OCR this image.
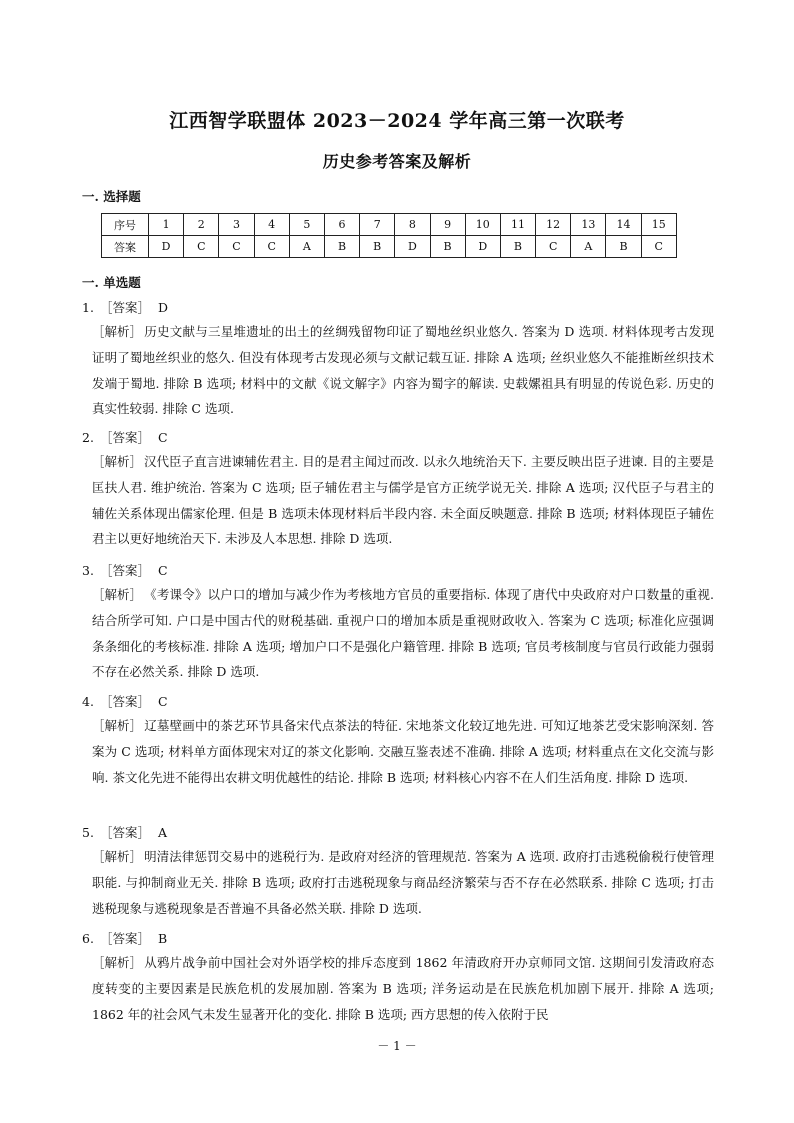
江西智学联盟体 2023－2024 学年高三第一次联考
历史参考答案及解析
一. 选择题
序号	1	2	3	4	5	6	7	8	9	10	11	12	13	14	15
答案	D	C	C	C	A	B	B	D	B	D	B	C	A	B	C
一. 单选题
1. ［答案］ D
［解析］ 历史文献与三星堆遗址的出土的丝绸残留物印证了蜀地丝织业悠久. 答案为 D 选项. 材料体现考古发现证明了蜀地丝织业的悠久. 但没有体现考古发现必须与文献记载互证. 排除 A 选项; 丝织业悠久不能推断丝织技术发端于蜀地. 排除 B 选项; 材料中的文献《说文解字》内容为蜀字的解读. 史载嫘祖具有明显的传说色彩. 历史的真实性较弱. 排除 C 选项.
2. ［答案］ C
［解析］ 汉代臣子直言进谏辅佐君主. 目的是君主闻过而改. 以永久地统治天下. 主要反映出臣子进谏. 目的主要是匡扶人君. 维护统治. 答案为 C 选项; 臣子辅佐君主与儒学是官方正统学说无关. 排除 A 选项; 汉代臣子与君主的辅佐关系体现出儒家伦理. 但是 B 选项未体现材料后半段内容. 未全面反映题意. 排除 B 选项; 材料体现臣子辅佐君主以更好地统治天下. 未涉及人本思想. 排除 D 选项.
3. ［答案］ C
［解析］ 《考课令》以户口的增加与减少作为考核地方官员的重要指标. 体现了唐代中央政府对户口数量的重视. 结合所学可知. 户口是中国古代的财税基础. 重视户口的增加本质是重视财政收入. 答案为 C 选项; 标准化应强调条条细化的考核标准. 排除 A 选项; 增加户口不是强化户籍管理. 排除 B 选项; 官员考核制度与官员行政能力强弱不存在必然关系. 排除 D 选项.
4. ［答案］ C
［解析］ 辽墓壁画中的茶艺环节具备宋代点茶法的特征. 宋地茶文化较辽地先进. 可知辽地茶艺受宋影响深刻. 答案为 C 选项; 材料单方面体现宋对辽的茶文化影响. 交融互鉴表述不准确. 排除 A 选项; 材料重点在文化交流与影响. 茶文化先进不能得出农耕文明优越性的结论. 排除 B 选项; 材料核心内容不在人们生活角度. 排除 D 选项.
5. ［答案］ A
［解析］ 明清法律惩罚交易中的逃税行为. 是政府对经济的管理规范. 答案为 A 选项. 政府打击逃税偷税行使管理职能. 与抑制商业无关. 排除 B 选项; 政府打击逃税现象与商品经济繁荣与否不存在必然联系. 排除 C 选项; 打击逃税现象与逃税现象是否普遍不具备必然关联. 排除 D 选项.
6. ［答案］ B
［解析］ 从鸦片战争前中国社会对外语学校的排斥态度到 1862 年清政府开办京师同文馆. 这期间引发清政府态度转变的主要因素是民族危机的发展加剧. 答案为 B 选项; 洋务运动是在民族危机加剧下展开. 排除 A 选项; 1862 年的社会风气未发生显著开化的变化. 排除 B 选项; 西方思想的传入依附于民
－ 1 －
